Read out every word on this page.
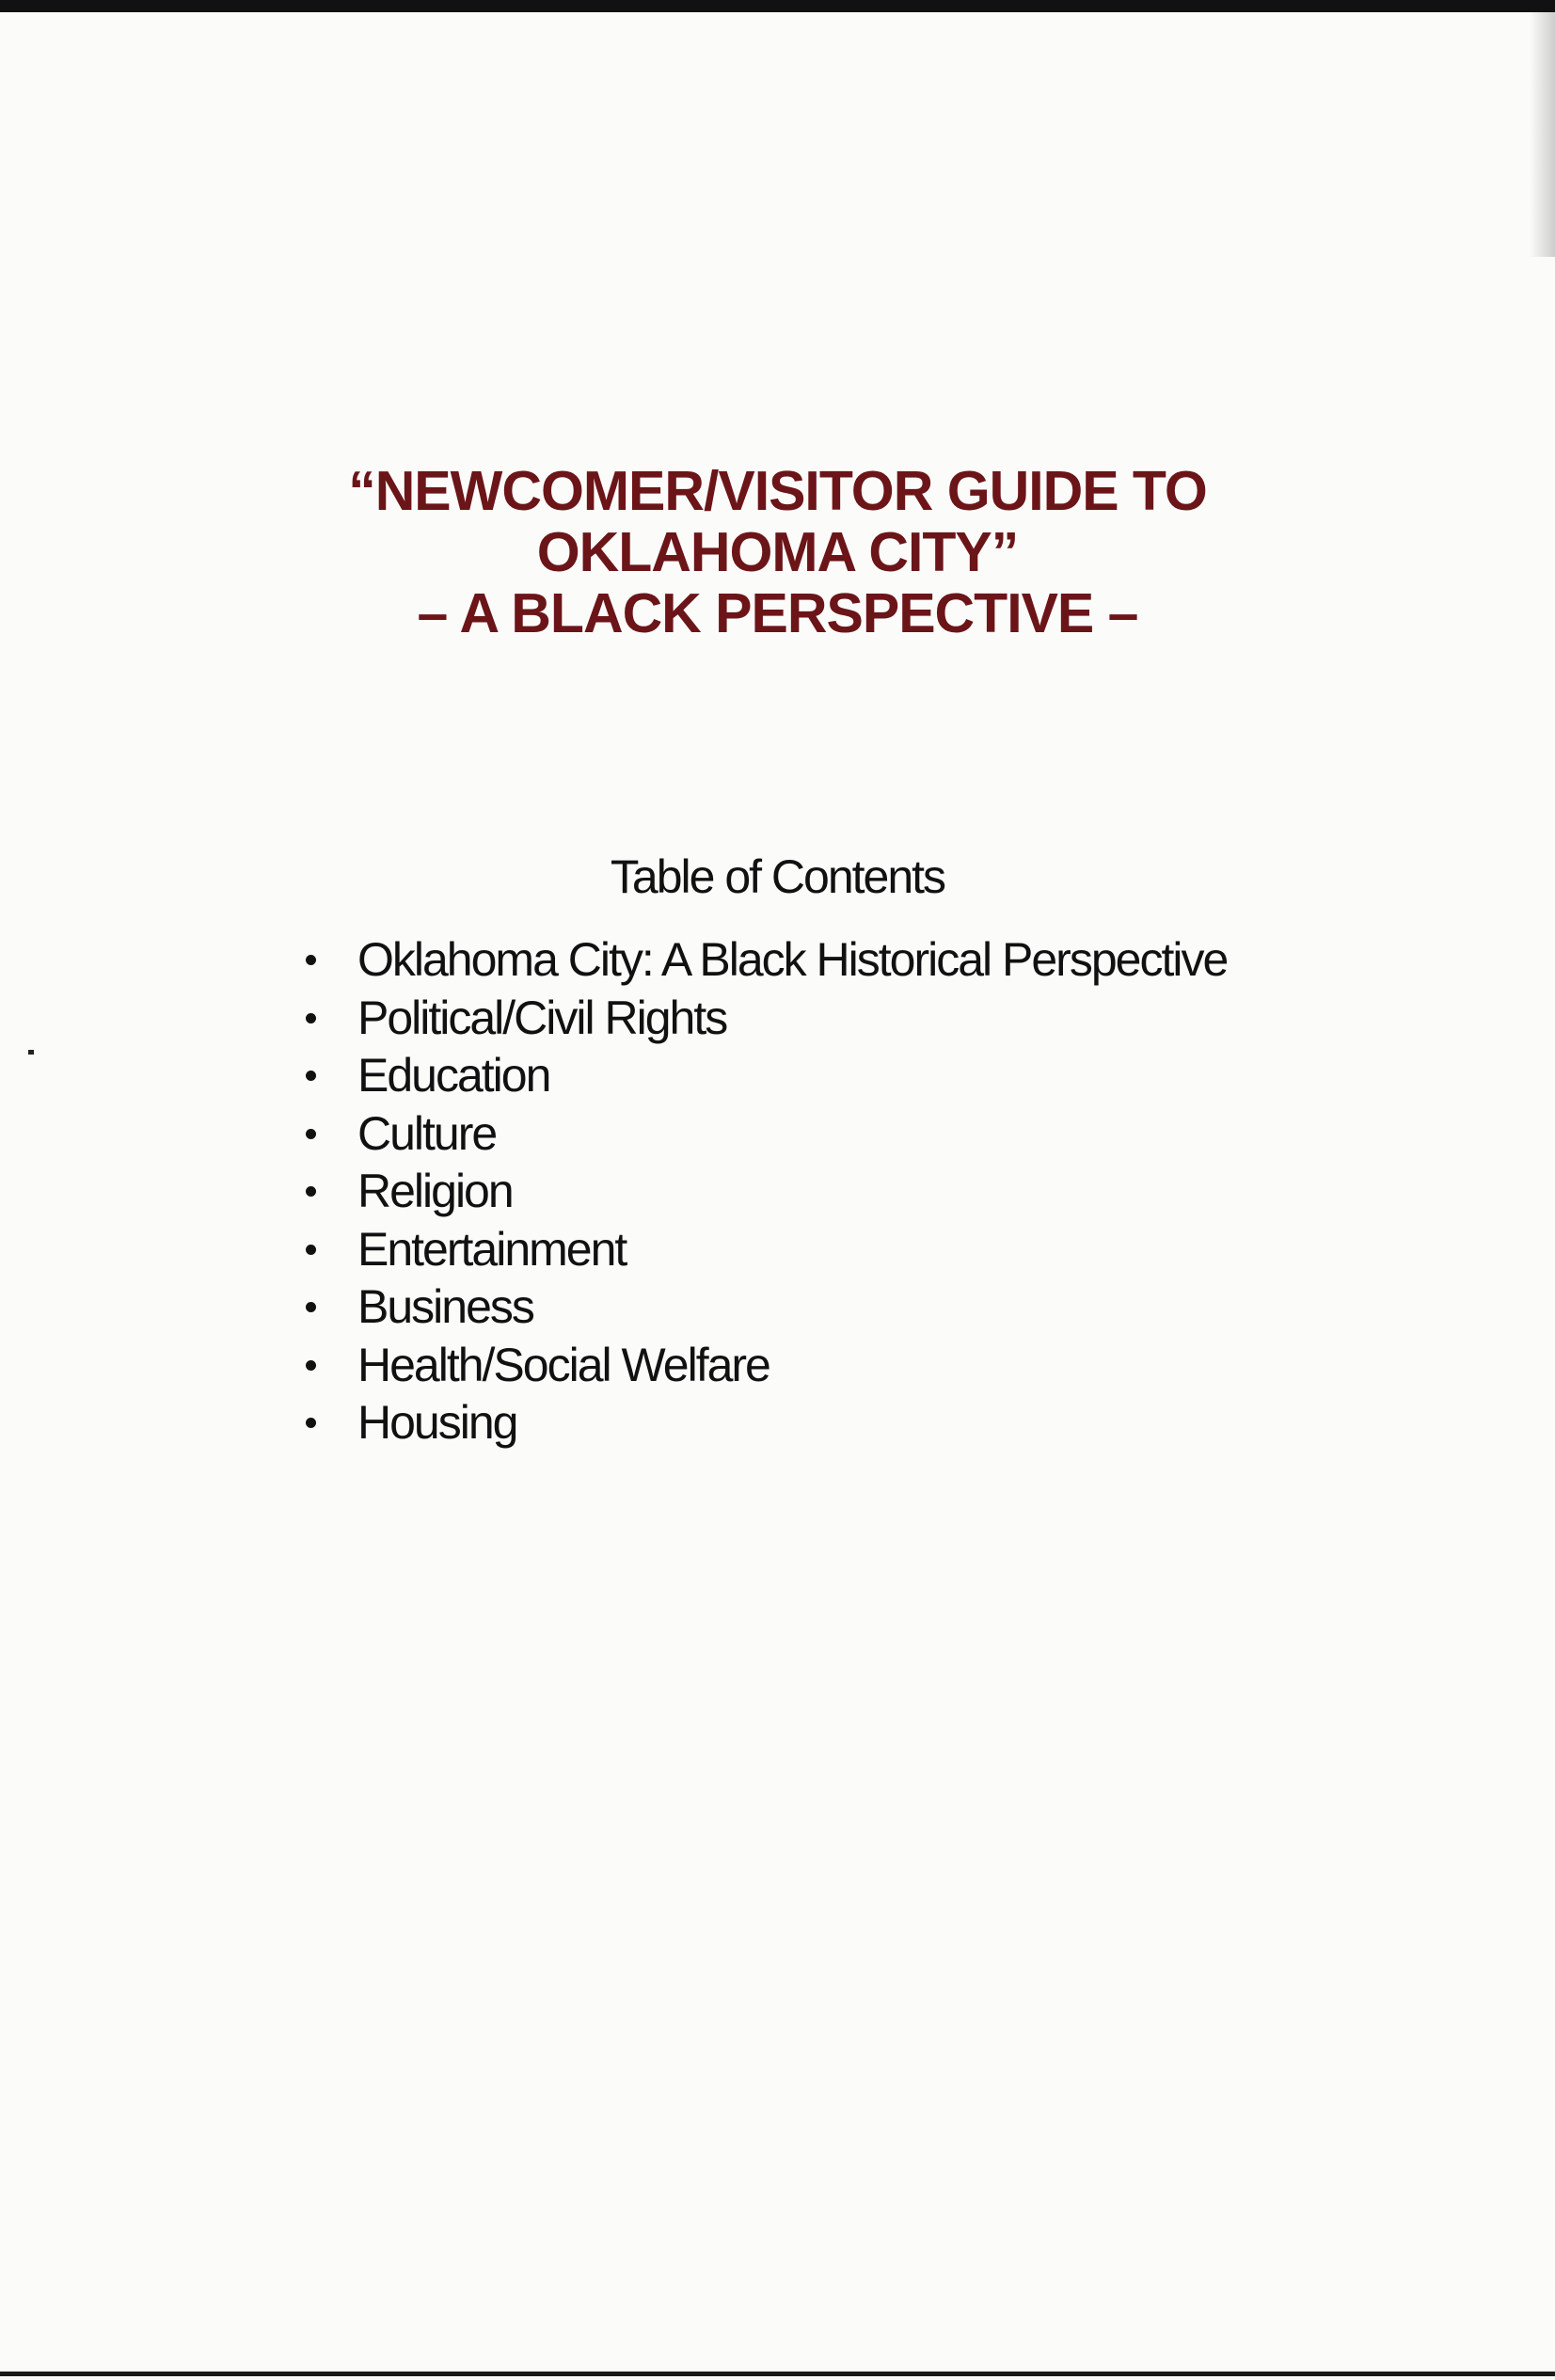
“NEWCOMER/VISITOR GUIDE TO
OKLAHOMA CITY”
– A BLACK PERSPECTIVE –
Table of Contents
Oklahoma City: A Black Historical Perspective
Political/Civil Rights
Education
Culture
Religion
Entertainment
Business
Health/Social Welfare
Housing
